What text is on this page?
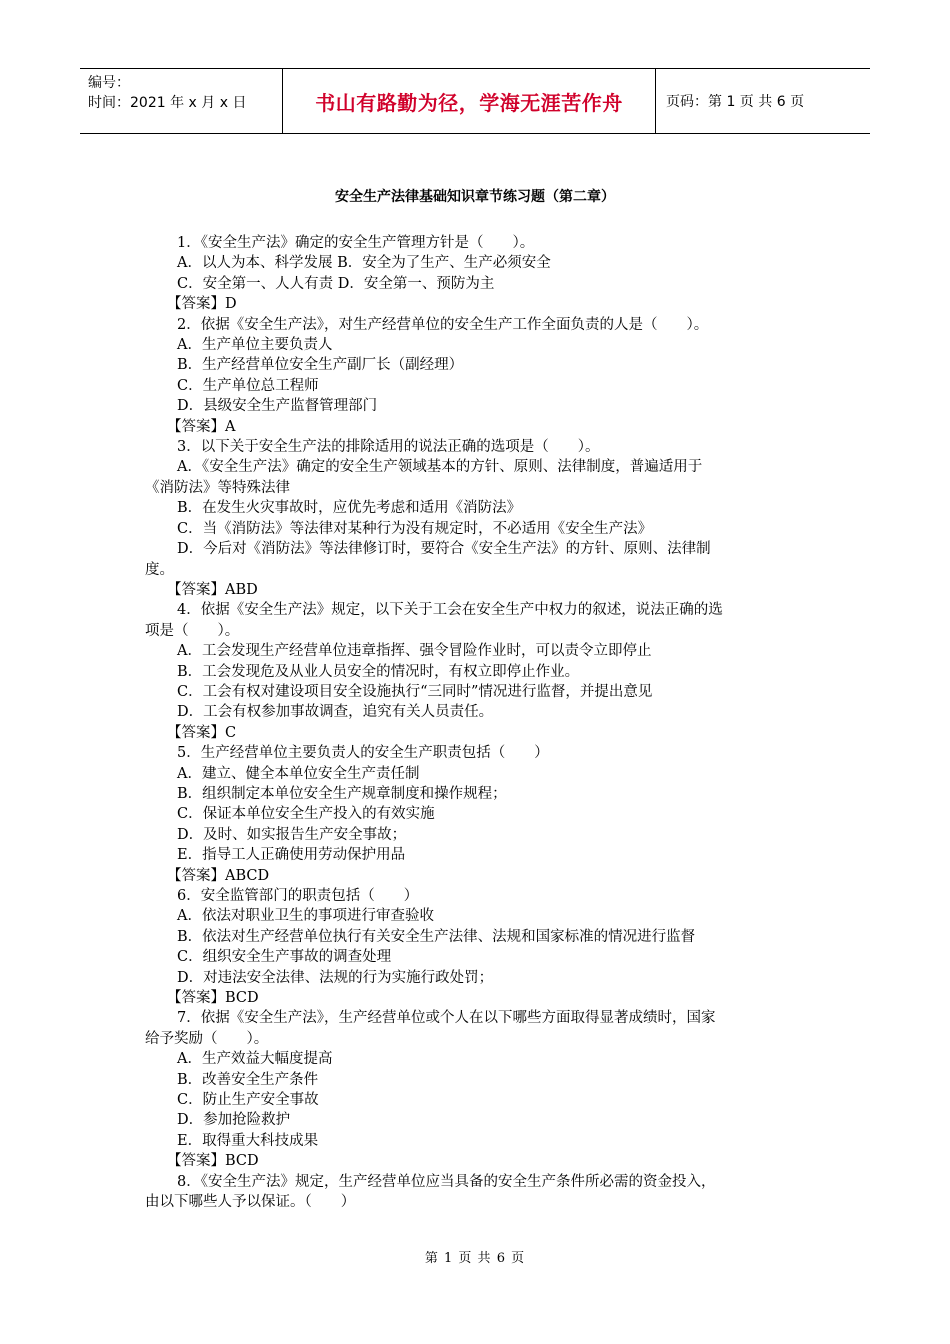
编号：
时间：2021 年 x 月 x 日	书山有路勤为径，学海无涯苦作舟	页码：第 1 页 共 6 页
安全生产法律基础知识章节练习题（第二章）
1．《安全生产法》确定的安全生产管理方针是（　　）。
A．以人为本、科学发展 B．安全为了生产、生产必须安全
C．安全第一、人人有责 D．安全第一、预防为主
【答案】D
2．依据《安全生产法》，对生产经营单位的安全生产工作全面负责的人是（　　）。
A．生产单位主要负责人
B．生产经营单位安全生产副厂长（副经理）
C．生产单位总工程师
D．县级安全生产监督管理部门
【答案】A
3．以下关于安全生产法的排除适用的说法正确的选项是（　　）。
A．《安全生产法》确定的安全生产领域基本的方针、原则、法律制度，普遍适用于
《消防法》等特殊法律
B．在发生火灾事故时，应优先考虑和适用《消防法》
C．当《消防法》等法律对某种行为没有规定时，不必适用《安全生产法》
D．今后对《消防法》等法律修订时，要符合《安全生产法》的方针、原则、法律制
度。
【答案】ABD
4．依据《安全生产法》规定，以下关于工会在安全生产中权力的叙述，说法正确的选
项是（　　）。
A．工会发现生产经营单位违章指挥、强令冒险作业时，可以责令立即停止
B．工会发现危及从业人员安全的情况时，有权立即停止作业。
C．工会有权对建设项目安全设施执行“三同时”情况进行监督，并提出意见
D．工会有权参加事故调查，追究有关人员责任。
【答案】C
5．生产经营单位主要负责人的安全生产职责包括（　　）
A．建立、健全本单位安全生产责任制
B．组织制定本单位安全生产规章制度和操作规程；
C．保证本单位安全生产投入的有效实施
D．及时、如实报告生产安全事故；
E．指导工人正确使用劳动保护用品
【答案】ABCD
6．安全监管部门的职责包括（　　）
A．依法对职业卫生的事项进行审查验收
B．依法对生产经营单位执行有关安全生产法律、法规和国家标准的情况进行监督
C．组织安全生产事故的调查处理
D．对违法安全法律、法规的行为实施行政处罚；
【答案】BCD
7．依据《安全生产法》，生产经营单位或个人在以下哪些方面取得显著成绩时，国家
给予奖励（　　）。
A．生产效益大幅度提高
B．改善安全生产条件
C．防止生产安全事故
D．参加抢险救护
E．取得重大科技成果
【答案】BCD
8．《安全生产法》规定，生产经营单位应当具备的安全生产条件所必需的资金投入，
由以下哪些人予以保证。（　　）
第 1 页 共 6 页
